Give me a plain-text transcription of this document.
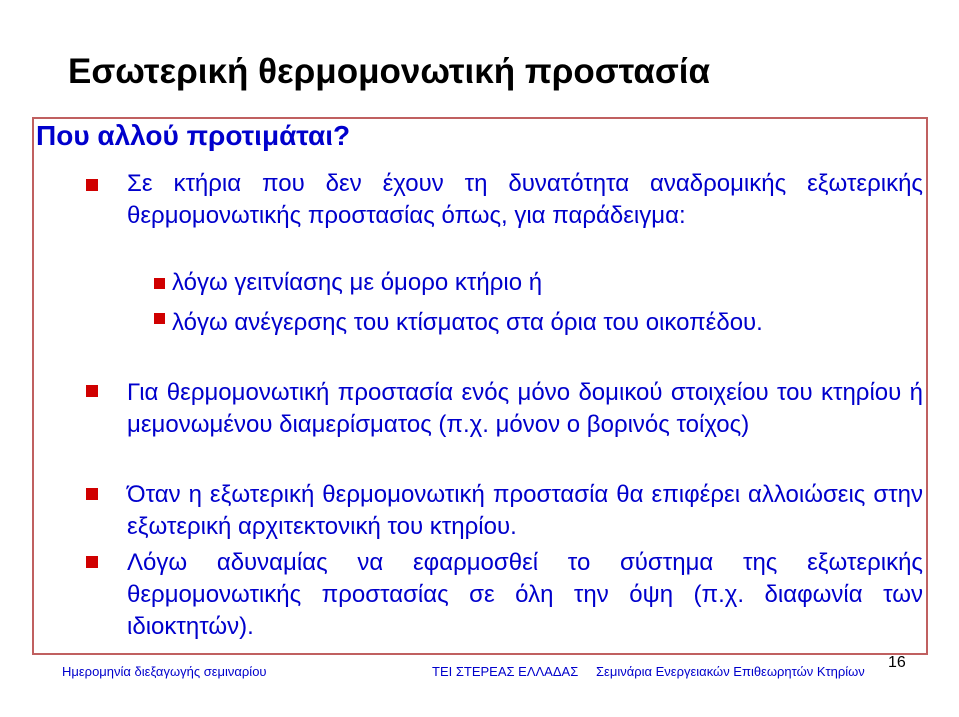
Εσωτερική θερμομονωτική προστασία
Που αλλού προτιμάται?
Σε κτήρια που δεν έχουν τη δυνατότητα αναδρομικής εξωτερικής θερμομονωτικής προστασίας όπως, για παράδειγμα:
λόγω γειτνίασης με όμορο κτήριο ή
λόγω ανέγερσης του κτίσματος στα όρια του οικοπέδου.
Για θερμομονωτική προστασία ενός μόνο δομικού στοιχείου του κτηρίου ή μεμονωμένου διαμερίσματος (π.χ. μόνον ο βορινός τοίχος)
Όταν η εξωτερική θερμομονωτική προστασία θα επιφέρει αλλοιώσεις στην εξωτερική αρχιτεκτονική του κτηρίου.
Λόγω αδυναμίας να εφαρμοσθεί το σύστημα της εξωτερικής θερμομονωτικής προστασίας σε όλη την όψη (π.χ. διαφωνία των ιδιοκτητών).
Ημερομηνία διεξαγωγής σεμιναρίου	ΤΕΙ ΣΤΕΡΕΑΣ ΕΛΛΑΔΑΣ Σεμινάρια Ενεργειακών Επιθεωρητών Κτηρίων
16
